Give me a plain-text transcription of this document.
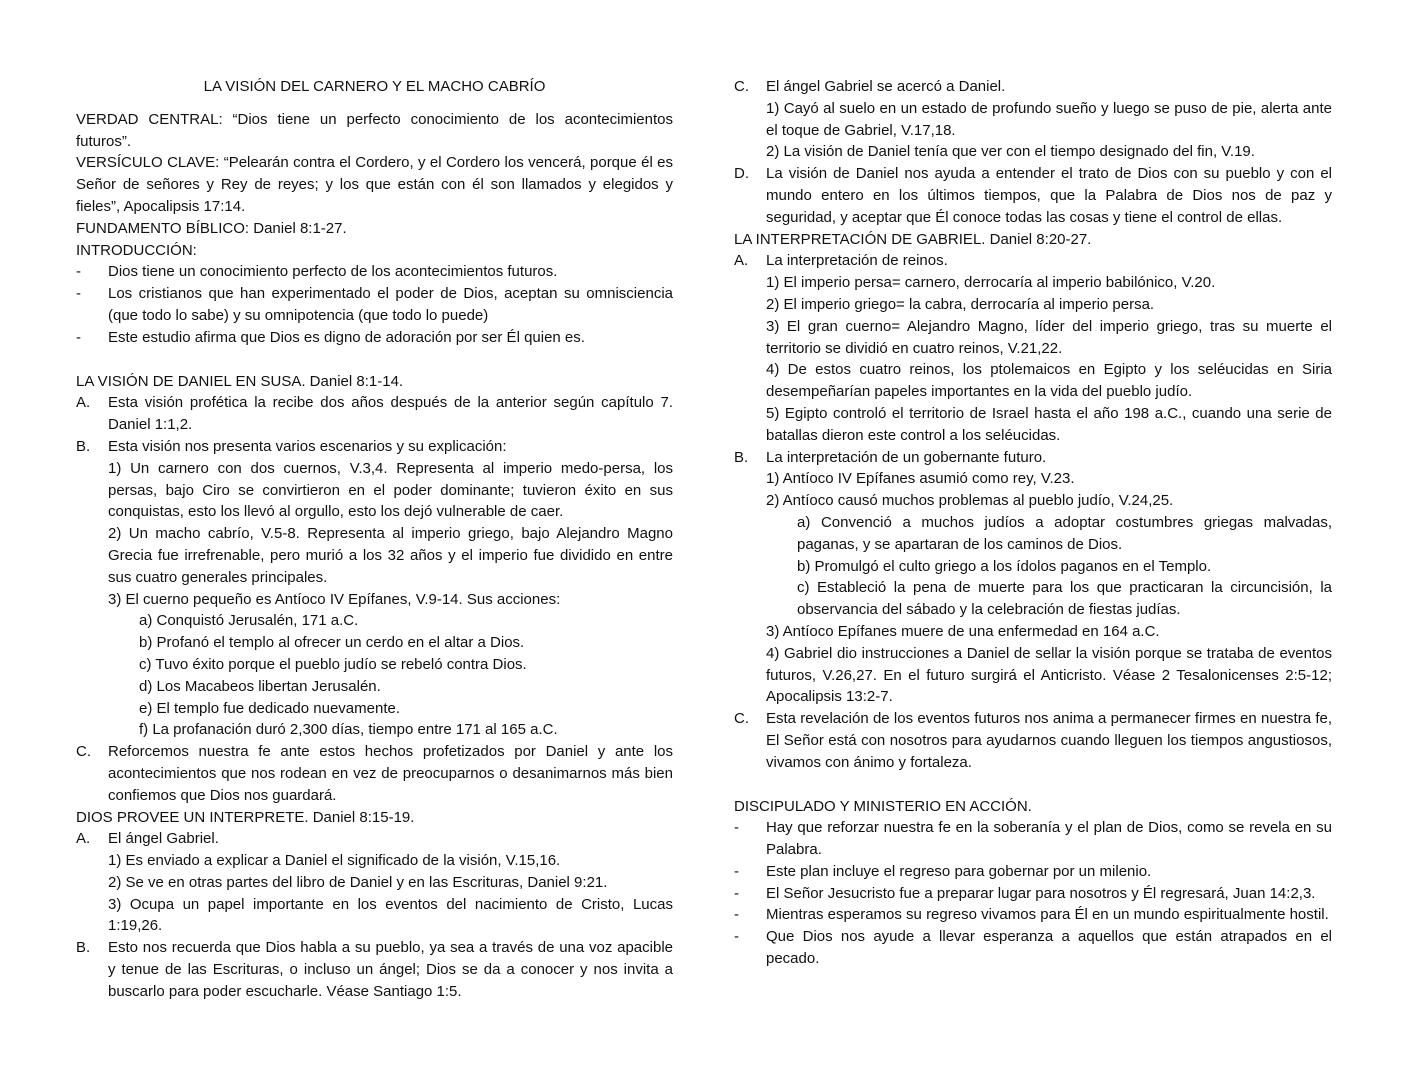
LA VISIÓN DEL CARNERO Y EL MACHO CABRÍO

VERDAD CENTRAL: “Dios tiene un perfecto conocimiento de los acontecimientos futuros”.

VERSÍCULO CLAVE: “Pelearán contra el Cordero, y el Cordero los vencerá, porque él es Señor de señores y Rey de reyes; y los que están con él son llamados y elegidos y fieles”, Apocalipsis 17:14.

FUNDAMENTO BÍBLICO: Daniel 8:1-27.

INTRODUCCIÓN:

-	Dios tiene un conocimiento perfecto de los acontecimientos futuros.
-	Los cristianos que han experimentado el poder de Dios, aceptan su omnisciencia (que todo lo sabe) y su omnipotencia (que todo lo puede)
-	Este estudio afirma que Dios es digno de adoración por ser Él quien es.

LA VISIÓN DE DANIEL EN SUSA. Daniel 8:1-14.

A.	Esta visión profética la recibe dos años después de la anterior según capítulo 7. Daniel 1:1,2.
B.	Esta visión nos presenta varios escenarios y su explicación:

1) Un carnero con dos cuernos, V.3,4. Representa al imperio medo-persa, los persas, bajo Ciro se convirtieron en el poder dominante; tuvieron éxito en sus conquistas, esto los llevó al orgullo, esto los dejó vulnerable de caer.

2) Un macho cabrío, V.5-8. Representa al imperio griego, bajo Alejandro Magno Grecia fue irrefrenable, pero murió a los 32 años y el imperio fue dividido en entre sus cuatro generales principales.

3) El cuerno pequeño es Antíoco IV Epífanes, V.9-14. Sus acciones:

a) Conquistó Jerusalén, 171 a.C.

b) Profanó el templo al ofrecer un cerdo en el altar a Dios.

c) Tuvo éxito porque el pueblo judío se rebeló contra Dios.

d) Los Macabeos libertan Jerusalén.

e) El templo fue dedicado nuevamente.

f) La profanación duró 2,300 días, tiempo entre 171 al 165 a.C.

C.	Reforcemos nuestra fe ante estos hechos profetizados por Daniel y ante los acontecimientos que nos rodean en vez de preocuparnos o desanimarnos más bien confiemos que Dios nos guardará.

DIOS PROVEE UN INTERPRETE. Daniel 8:15-19.

A.	El ángel Gabriel.

1) Es enviado a explicar a Daniel el significado de la visión, V.15,16.

2) Se ve en otras partes del libro de Daniel y en las Escrituras, Daniel 9:21.

3) Ocupa un papel importante en los eventos del nacimiento de Cristo, Lucas 1:19,26.

B.	Esto nos recuerda que Dios habla a su pueblo, ya sea a través de una voz apacible y tenue de las Escrituras, o incluso un ángel; Dios se da a conocer y nos invita a buscarlo para poder escucharle. Véase Santiago 1:5.
C.	El ángel Gabriel se acercó a Daniel.

1) Cayó al suelo en un estado de profundo sueño y luego se puso de pie, alerta ante el toque de Gabriel, V.17,18.

2) La visión de Daniel tenía que ver con el tiempo designado del fin, V.19.

D.	La visión de Daniel nos ayuda a entender el trato de Dios con su pueblo y con el mundo entero en los últimos tiempos, que la Palabra de Dios nos de paz y seguridad, y aceptar que Él conoce todas las cosas y tiene el control de ellas.

LA INTERPRETACIÓN DE GABRIEL. Daniel 8:20-27.

A.	La interpretación de reinos.

1) El imperio persa= carnero, derrocaría al imperio babilónico, V.20.

2) El imperio griego= la cabra, derrocaría al imperio persa.

3) El gran cuerno= Alejandro Magno, líder del imperio griego, tras su muerte el territorio se dividió en cuatro reinos, V.21,22.

4) De estos cuatro reinos, los ptolemaicos en Egipto y los seléucidas en Siria desempeñarían papeles importantes en la vida del pueblo judío.

5) Egipto controló el territorio de Israel hasta el año 198 a.C., cuando una serie de batallas dieron este control a los seléucidas.

B.	La interpretación de un gobernante futuro.

1) Antíoco IV Epífanes asumió como rey, V.23.

2) Antíoco causó muchos problemas al pueblo judío, V.24,25.

a) Convenció a muchos judíos a adoptar costumbres griegas malvadas, paganas, y se apartaran de los caminos de Dios.

b) Promulgó el culto griego a los ídolos paganos en el Templo.

c) Estableció la pena de muerte para los que practicaran la circuncisión, la observancia del sábado y la celebración de fiestas judías.

3) Antíoco Epífanes muere de una enfermedad en 164 a.C.

4) Gabriel dio instrucciones a Daniel de sellar la visión porque se trataba de eventos futuros, V.26,27. En el futuro surgirá el Anticristo. Véase 2 Tesalonicenses 2:5-12; Apocalipsis 13:2-7.

C.	Esta revelación de los eventos futuros nos anima a permanecer firmes en nuestra fe, El Señor está con nosotros para ayudarnos cuando lleguen los tiempos angustiosos, vivamos con ánimo y fortaleza.

DISCIPULADO Y MINISTERIO EN ACCIÓN.

-	Hay que reforzar nuestra fe en la soberanía y el plan de Dios, como se revela en su Palabra.
-	Este plan incluye el regreso para gobernar por un milenio.
-	El Señor Jesucristo fue a preparar lugar para nosotros y Él regresará, Juan 14:2,3.
-	Mientras esperamos su regreso vivamos para Él en un mundo espiritualmente hostil.
-	Que Dios nos ayude a llevar esperanza a aquellos que están atrapados en el pecado.
